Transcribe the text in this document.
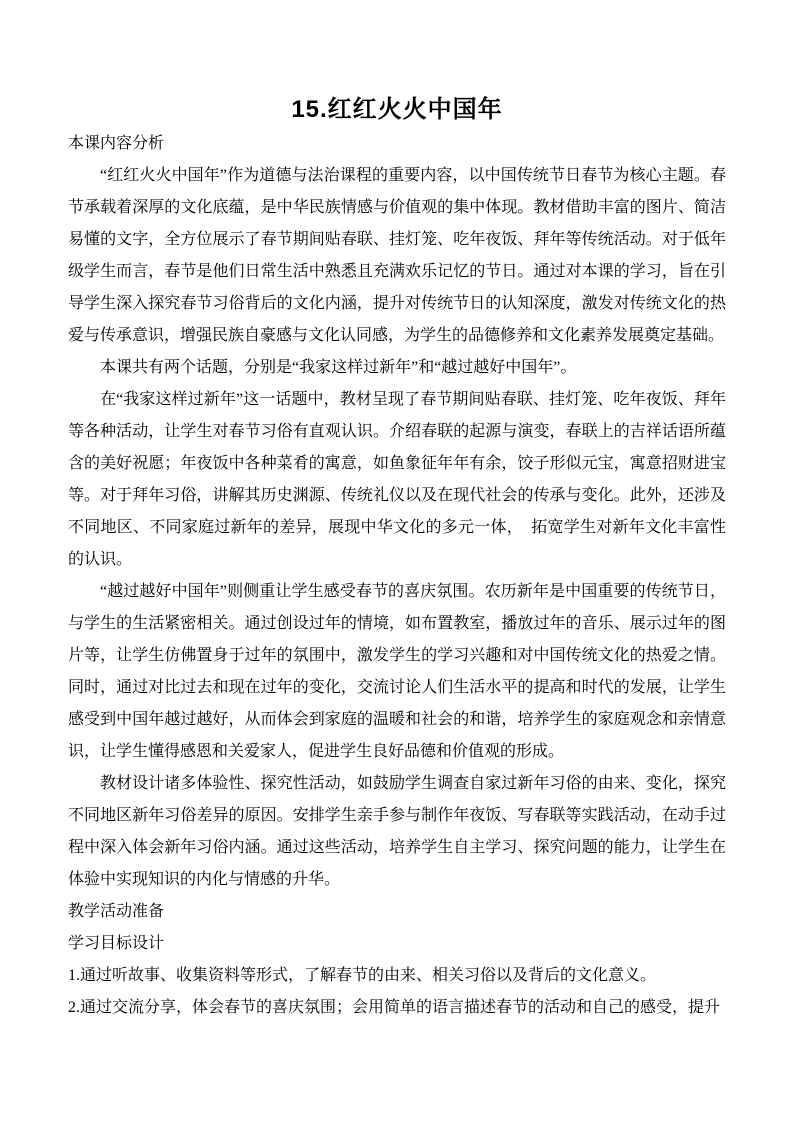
15.红红火火中国年
本课内容分析

“红红火火中国年”作为道德与法治课程的重要内容，以中国传统节日春节为核心主题。春节承载着深厚的文化底蕴，是中华民族情感与价值观的集中体现。教材借助丰富的图片、简洁易懂的文字，全方位展示了春节期间贴春联、挂灯笼、吃年夜饭、拜年等传统活动。对于低年级学生而言，春节是他们日常生活中熟悉且充满欢乐记忆的节日。通过对本课的学习，旨在引导学生深入探究春节习俗背后的文化内涵，提升对传统节日的认知深度，激发对传统文化的热爱与传承意识，增强民族自豪感与文化认同感，为学生的品德修养和文化素养发展奠定基础。

本课共有两个话题，分别是“我家这样过新年”和“越过越好中国年”。

在“我家这样过新年”这一话题中，教材呈现了春节期间贴春联、挂灯笼、吃年夜饭、拜年等各种活动，让学生对春节习俗有直观认识。介绍春联的起源与演变，春联上的吉祥话语所蕴含的美好祝愿；年夜饭中各种菜肴的寓意，如鱼象征年年有余，饺子形似元宝，寓意招财进宝等。对于拜年习俗，讲解其历史渊源、传统礼仪以及在现代社会的传承与变化。此外，还涉及不同地区、不同家庭过新年的差异，展现中华文化的多元一体，　拓宽学生对新年文化丰富性的认识。

“越过越好中国年”则侧重让学生感受春节的喜庆氛围。农历新年是中国重要的传统节日，与学生的生活紧密相关。通过创设过年的情境，如布置教室，播放过年的音乐、展示过年的图片等，让学生仿佛置身于过年的氛围中，激发学生的学习兴趣和对中国传统文化的热爱之情。同时，通过对比过去和现在过年的变化，交流讨论人们生活水平的提高和时代的发展，让学生感受到中国年越过越好，从而体会到家庭的温暖和社会的和谐，培养学生的家庭观念和亲情意识，让学生懂得感恩和关爱家人，促进学生良好品德和价值观的形成。

教材设计诸多体验性、探究性活动，如鼓励学生调查自家过新年习俗的由来、变化，探究不同地区新年习俗差异的原因。安排学生亲手参与制作年夜饭、写春联等实践活动，在动手过程中深入体会新年习俗内涵。通过这些活动，培养学生自主学习、探究问题的能力，让学生在体验中实现知识的内化与情感的升华。

教学活动准备
学习目标设计

1.通过听故事、收集资料等形式，了解春节的由来、相关习俗以及背后的文化意义。

2.通过交流分享，体会春节的喜庆氛围；会用简单的语言描述春节的活动和自己的感受，提升
